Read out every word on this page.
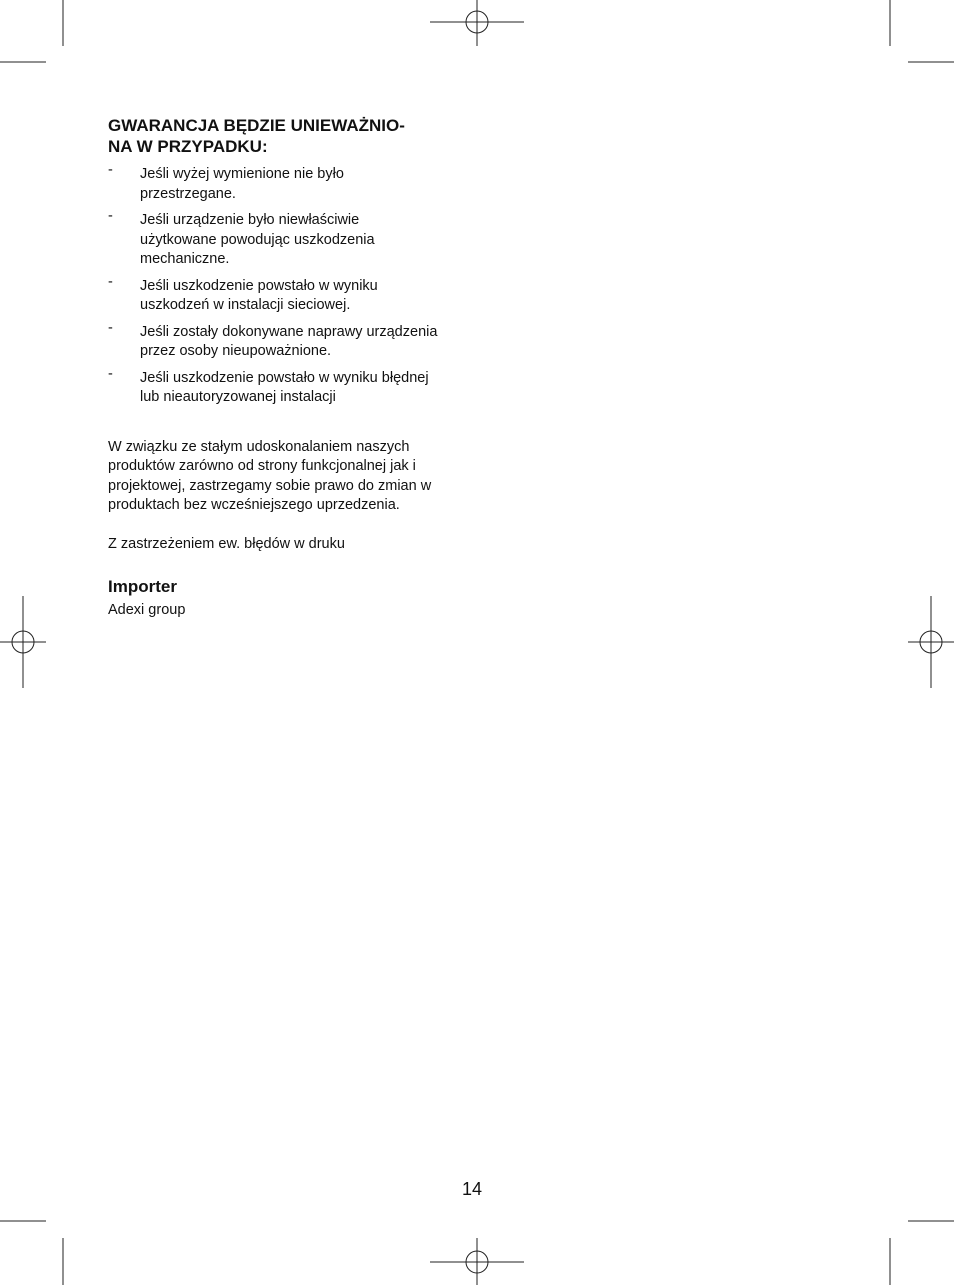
GWARANCJA BĘDZIE UNIEWAŻNIO-
NA W PRZYPADKU:
- Jeśli wyżej wymienione nie było
przestrzegane.
- Jeśli urządzenie było niewłaściwie
użytkowane powodując uszkodzenia
mechaniczne.
- Jeśli uszkodzenie powstało w wyniku
uszkodzeń w instalacji sieciowej.
- Jeśli zostały dokonywane naprawy urządzenia
przez osoby nieupoważnione.
- Jeśli uszkodzenie powstało w wyniku błędnej
lub nieautoryzowanej instalacji

W związku ze stałym udoskonalaniem naszych
produktów zarówno od strony funkcjonalnej jak i
projektowej, zastrzegamy sobie prawo do zmian w
produktach bez wcześniejszego uprzedzenia.

Z zastrzeżeniem ew. błędów w druku

Importer

Adexi group

14
